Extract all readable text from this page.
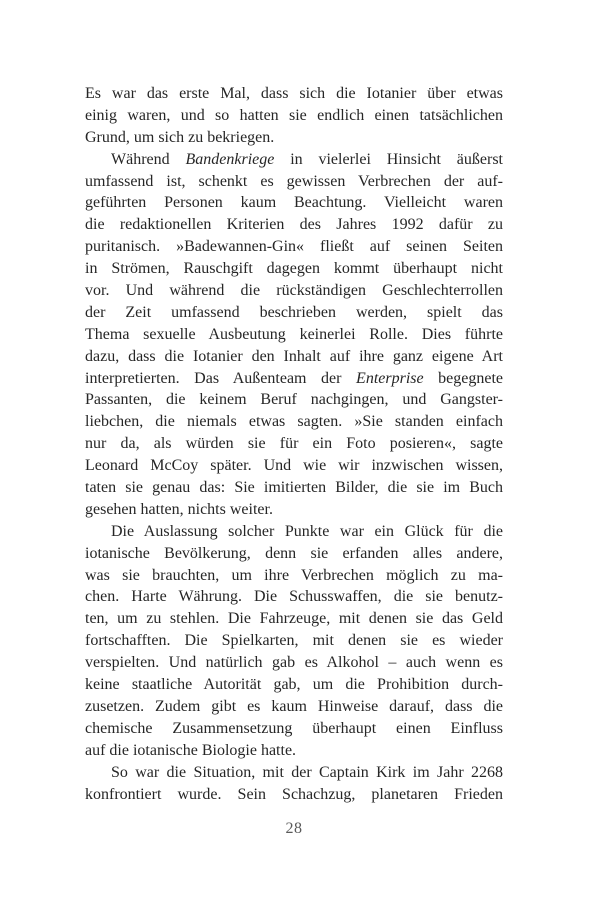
Es war das erste Mal, dass sich die Iotanier über etwas
einig waren, und so hatten sie endlich einen tatsächlichen
Grund, um sich zu bekriegen.

Während Bandenkriege in vielerlei Hinsicht äußerst
umfassend ist, schenkt es gewissen Verbrechen der auf-
geführten Personen kaum Beachtung. Vielleicht waren
die redaktionellen Kriterien des Jahres 1992 dafür zu
puritanisch. »Badewannen-Gin« fließt auf seinen Seiten
in Strömen, Rauschgift dagegen kommt überhaupt nicht
vor. Und während die rückständigen Geschlechterrollen
der Zeit umfassend beschrieben werden, spielt das
Thema sexuelle Ausbeutung keinerlei Rolle. Dies führte
dazu, dass die Iotanier den Inhalt auf ihre ganz eigene Art
interpretierten. Das Außenteam der Enterprise begegnete
Passanten, die keinem Beruf nachgingen, und Gangster-
liebchen, die niemals etwas sagten. »Sie standen einfach
nur da, als würden sie für ein Foto posieren«, sagte
Leonard McCoy später. Und wie wir inzwischen wissen,
taten sie genau das: Sie imitierten Bilder, die sie im Buch
gesehen hatten, nichts weiter.

Die Auslassung solcher Punkte war ein Glück für die
iotanische Bevölkerung, denn sie erfanden alles andere,
was sie brauchten, um ihre Verbrechen möglich zu ma-
chen. Harte Währung. Die Schusswaffen, die sie benutz-
ten, um zu stehlen. Die Fahrzeuge, mit denen sie das Geld
fortschafften. Die Spielkarten, mit denen sie es wieder
verspielten. Und natürlich gab es Alkohol – auch wenn es
keine staatliche Autorität gab, um die Prohibition durch-
zusetzen. Zudem gibt es kaum Hinweise darauf, dass die
chemische Zusammensetzung überhaupt einen Einfluss
auf die iotanische Biologie hatte.

So war die Situation, mit der Captain Kirk im Jahr 2268
konfrontiert wurde. Sein Schachzug, planetaren Frieden

28
